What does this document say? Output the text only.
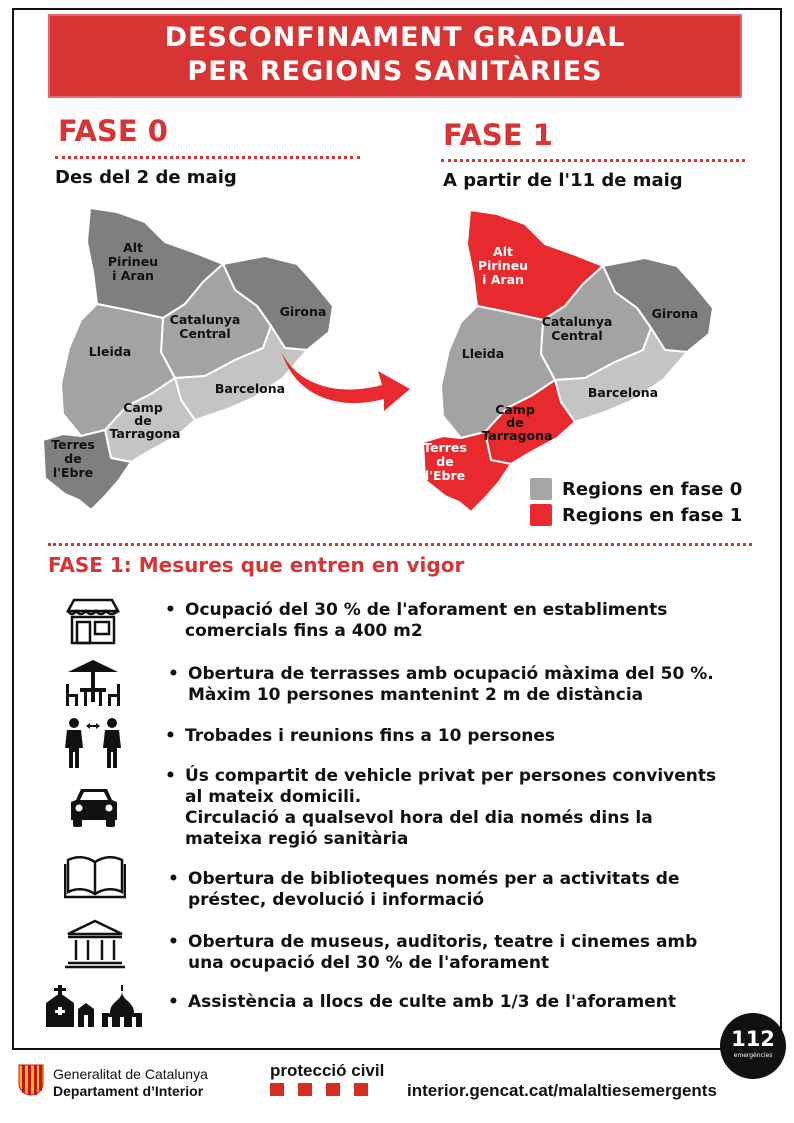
DESCONFINAMENT GRADUAL
PER REGIONS SANITÀRIES
FASE 0
Des del 2 de maig
FASE 1
A partir de l'11 de maig
Alt Pirineu i Aran
Catalunya Central
Girona
Lleida
Barcelona
Camp de Tarragona
Terres de l'Ebre
Alt Pirineu i Aran
Catalunya Central
Girona
Lleida
Barcelona
Camp de Tarragona
Terres de l'Ebre
Regions en fase 0
Regions en fase 1
FASE 1: Mesures que entren en vigor
• Ocupació del 30 % de l'aforament en establiments
comercials fins a 400 m2
• Obertura de terrasses amb ocupació màxima del 50 %.
Màxim 10 persones mantenint 2 m de distància
• Trobades i reunions fins a 10 persones
• Ús compartit de vehicle privat per persones convivents
al mateix domicili.
Circulació a qualsevol hora del dia només dins la
mateixa regió sanitària
• Obertura de biblioteques només per a activitats de
préstec, devolució i informació
• Obertura de museus, auditoris, teatre i cinemes amb
una ocupació del 30 % de l'aforament
• Assistència a llocs de culte amb 1/3 de l'aforament
112
emergències
Generalitat de Catalunya
Departament d’Interior
protecció civil
interior.gencat.cat/malaltiesemergents
